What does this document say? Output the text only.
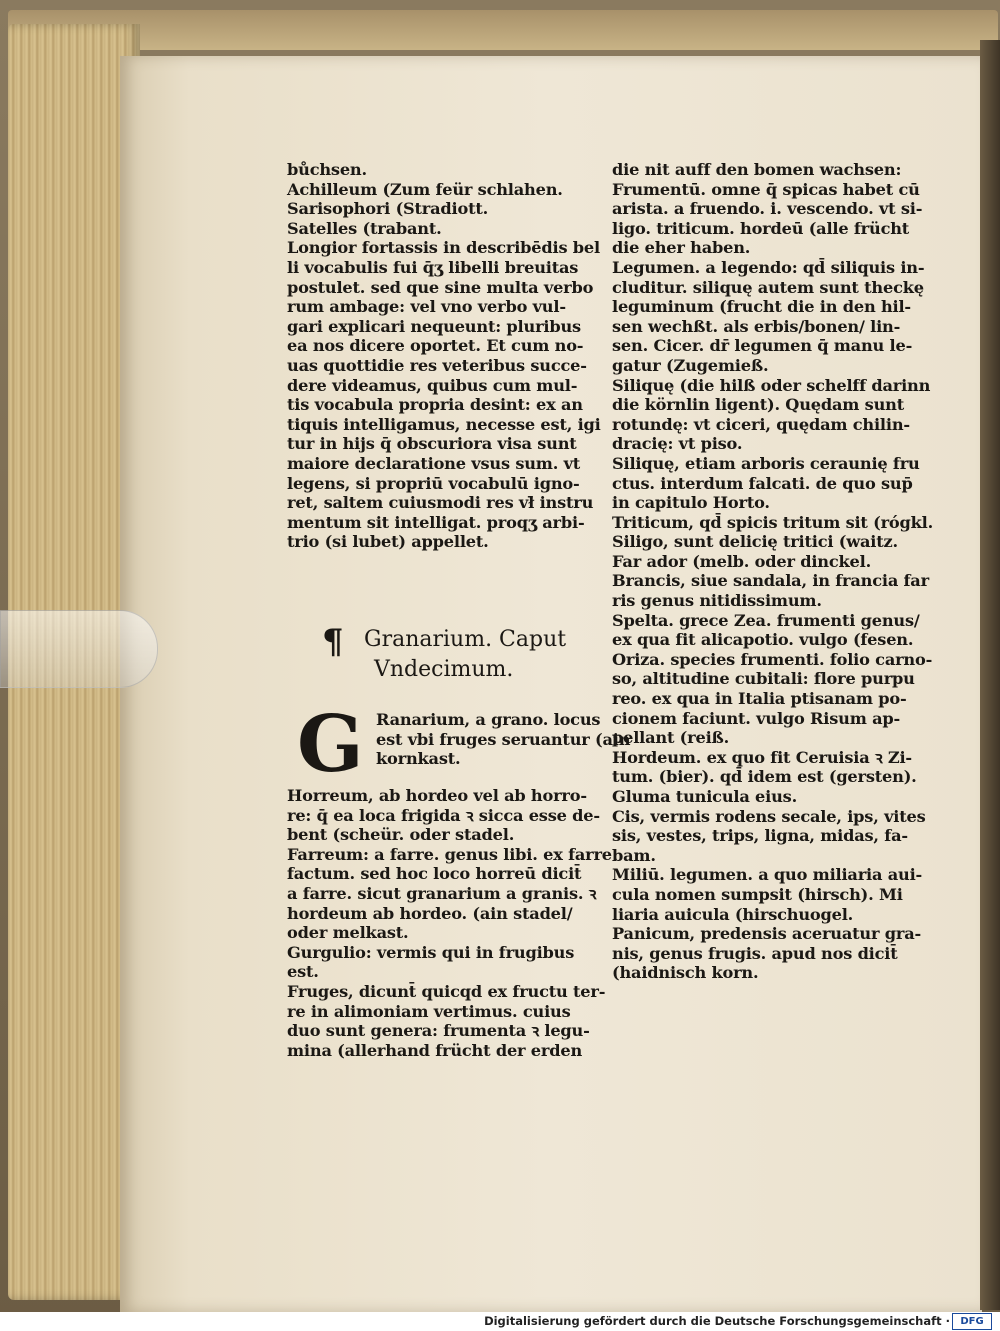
bůchsen.
Achilleum (Zum feür schlahen.
Sarisophori (Stradiott.
Satelles (trabant.
Longior fortassis in describēdis bel
li vocabulis fui q̄ʒ libelli breuitas
postulet. sed que sine multa verbo
rum ambage: vel vno verbo vul-
gari explicari nequeunt: pluribus
ea nos dicere oportet. Et cum no-
uas quottidie res veteribus succe-
dere videamus, quibus cum mul-
tis vocabula propria desint: ex an
tiquis intelligamus, necesse est, igi
tur in hijs q̄ obscuriora visa sunt
maiore declaratione vsus sum. vt
legens, si propriū vocabulū igno-
ret, saltem cuiusmodi res vł̄ instru
mentum sit intelligat. proqʒ arbi-
trio (si lubet) appellet.
¶ Granarium. Caput
Vndecimum.
G Ranarium, a grano. locus
est vbi fruges seruantur (ain
kornkast.
Horreum, ab hordeo vel ab horro-
re: q̄ ea loca frigida ꝛ sicca esse de-
bent (scheür. oder stadel.
Farreum: a farre. genus libi. ex farre
factum. sed hoc loco horreū dicit̄
a farre. sicut granarium a granis. ꝛ
hordeum ab hordeo. (ain stadel/
oder melkast.
Gurgulio: vermis qui in frugibus
est.
Fruges, dicunt̄ quicqd ex fructu ter-
re in alimoniam vertimus. cuius
duo sunt genera: frumenta ꝛ legu-
mina (allerhand frücht der erden
die nit auff den bomen wachsen:
Frumentū. omne q̄ spicas habet cū
arista. a fruendo. i. vescendo. vt si-
ligo. triticum. hordeū (alle frücht
die eher haben.
Legumen. a legendo: qd̄ siliquis in-
cluditur. siliquę autem sunt theckę
leguminum (frucht die in den hil-
sen wechßt. als erbis/bonen/ lin-
sen. Cicer. dr̄ legumen q̄ manu le-
gatur (Zugemieß.
Siliquę (die hilß oder schelff darinn
die körnlin ligent). Quędam sunt
rotundę: vt ciceri, quędam chilin-
dracię: vt piso.
Siliquę, etiam arboris ceraunię fru
ctus. interdum falcati. de quo sup̄
in capitulo Horto.
Triticum, qd̄ spicis tritum sit (rógkl.
Siligo, sunt delicię tritici (waitz.
Far ador (melb. oder dinckel.
Brancis, siue sandala, in francia far
ris genus nitidissimum.
Spelta. grece Zea. frumenti genus/
ex qua fit alicapotio. vulgo (fesen.
Oriza. species frumenti. folio carno-
so, altitudine cubitali: flore purpu
reo. ex qua in Italia ptisanam po-
cionem faciunt. vulgo Risum ap-
pellant (reiß.
Hordeum. ex quo fit Ceruisia ꝛ Zi-
tum. (bier). qd̄ idem est (gersten).
Gluma tunicula eius.
Cis, vermis rodens secale, ips, vites
sis, vestes, trips, ligna, midas, fa-
bam.
Miliū. legumen. a quo miliaria aui-
cula nomen sumpsit (hirsch). Mi
liaria auicula (hirschuogel.
Panicum, predensis aceruatur gra-
nis, genus frugis. apud nos dicit̄
(haidnisch korn.
Digitalisierung gefördert durch die Deutsche Forschungsgemeinschaft ·	DFG
